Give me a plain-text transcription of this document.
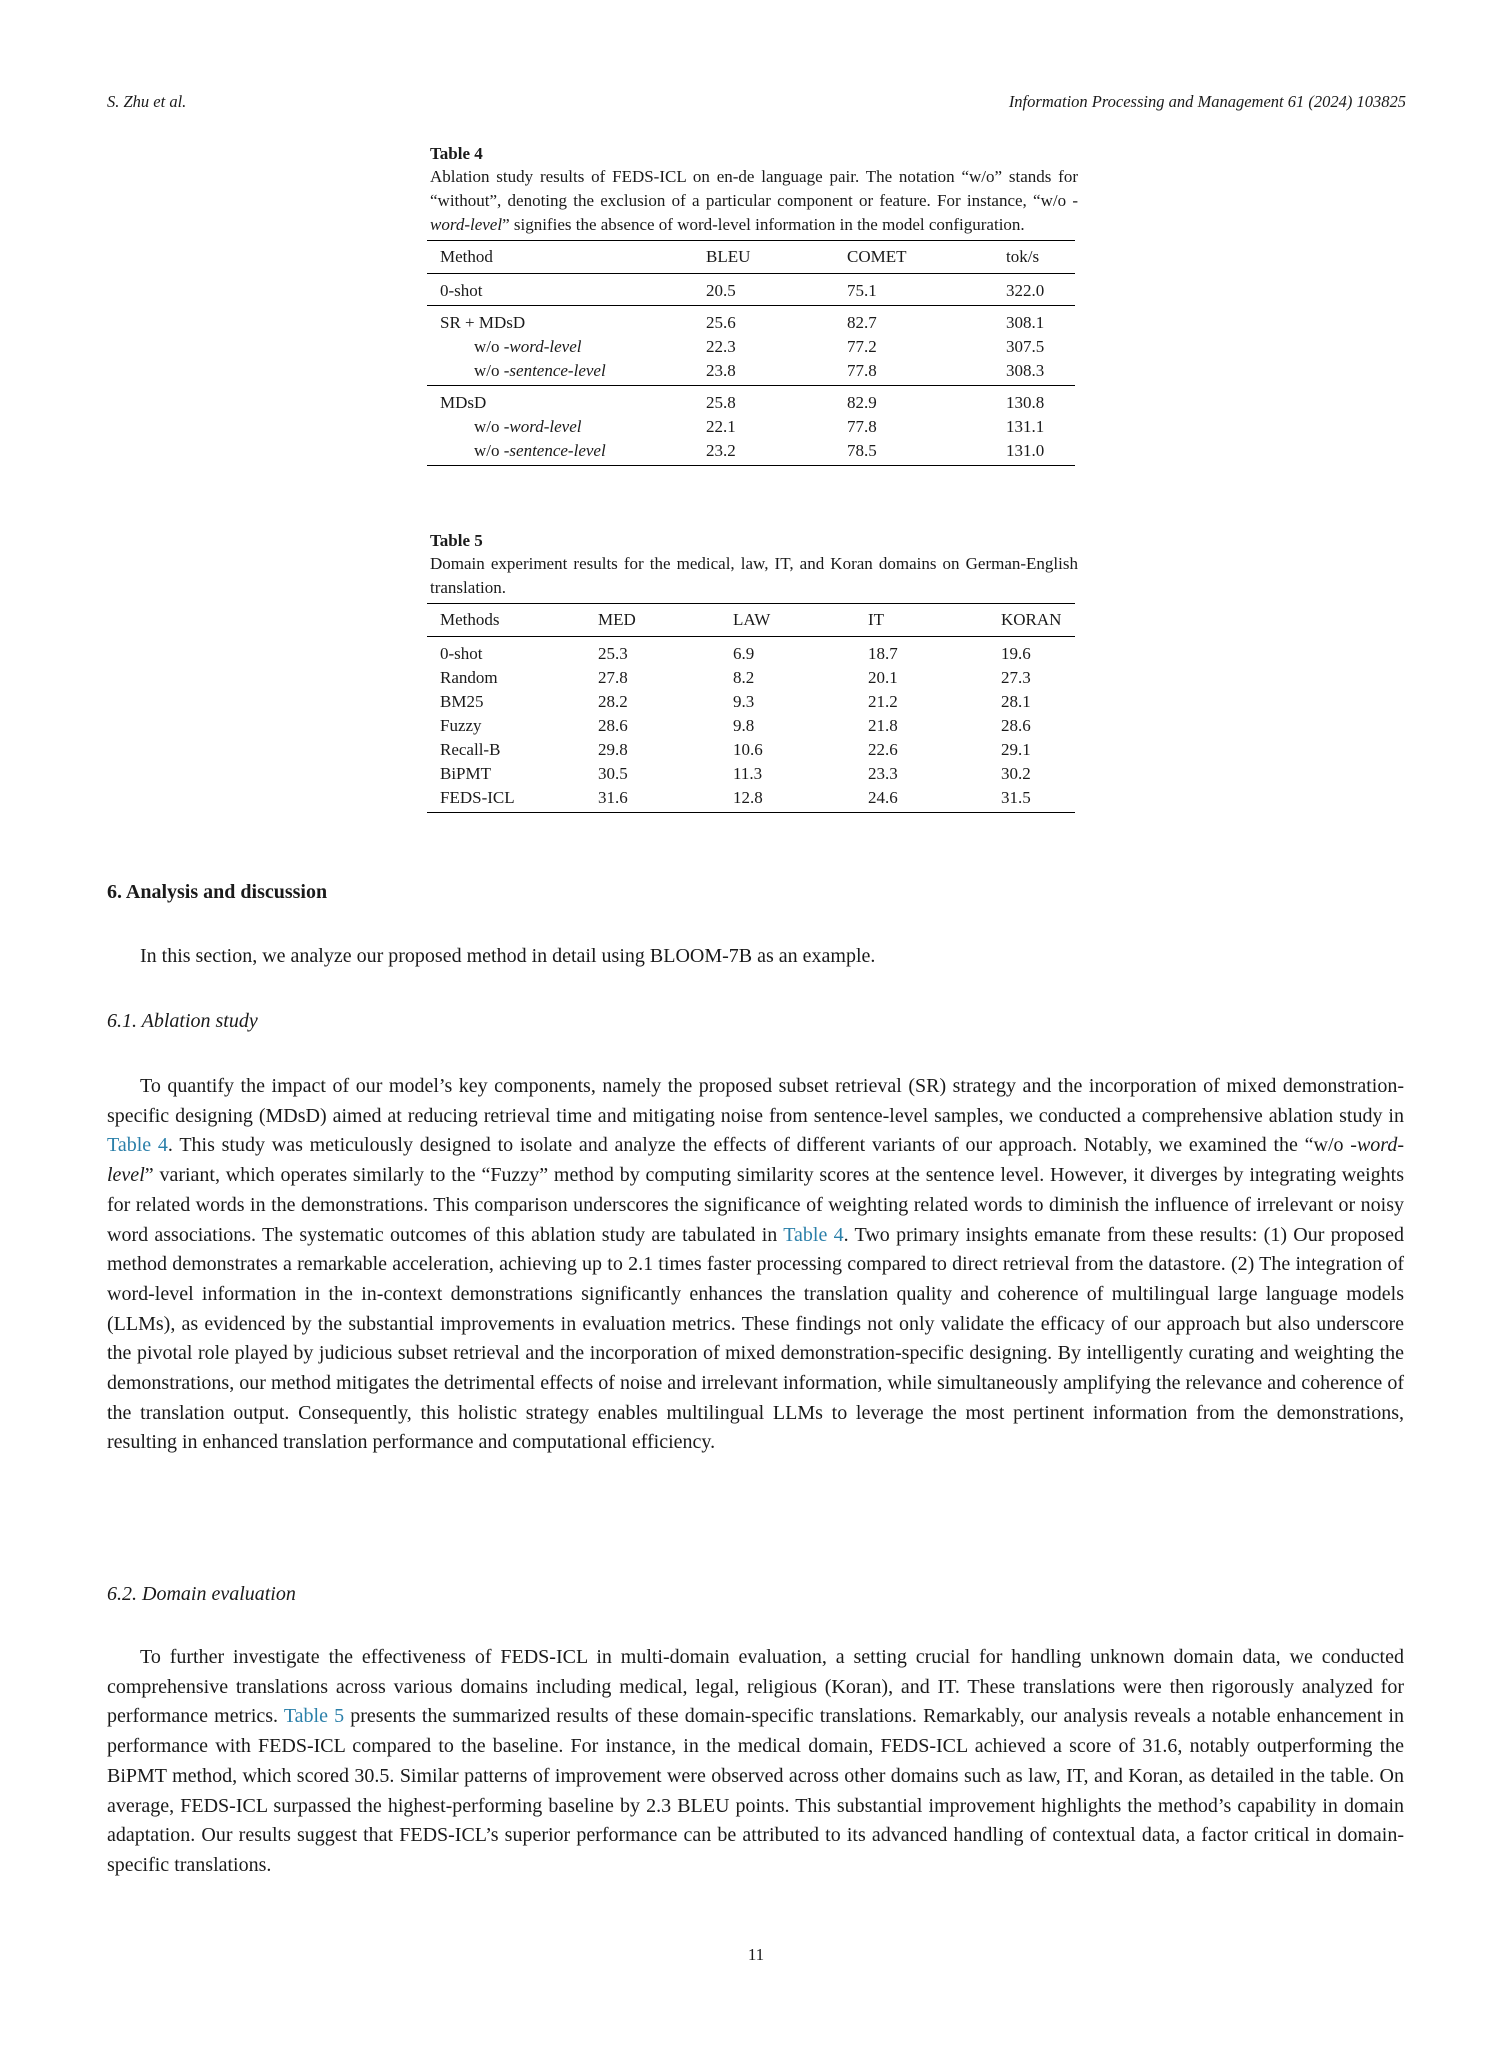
S. Zhu et al.	Information Processing and Management 61 (2024) 103825
Table 4
Ablation study results of FEDS-ICL on en-de language pair. The notation “w/o” stands for “without”, denoting the exclusion of a particular component or feature. For instance, “w/o -word-level” signifies the absence of word-level information in the model configuration.
Method	BLEU	COMET	tok/s
0-shot	20.5	75.1	322.0
SR + MDsD	25.6	82.7	308.1
w/o -word-level	22.3	77.2	307.5
w/o -sentence-level	23.8	77.8	308.3
MDsD	25.8	82.9	130.8
w/o -word-level	22.1	77.8	131.1
w/o -sentence-level	23.2	78.5	131.0
Table 5
Domain experiment results for the medical, law, IT, and Koran domains on German-English translation.
Methods	MED	LAW	IT	KORAN
0-shot	25.3	6.9	18.7	19.6
Random	27.8	8.2	20.1	27.3
BM25	28.2	9.3	21.2	28.1
Fuzzy	28.6	9.8	21.8	28.6
Recall-B	29.8	10.6	22.6	29.1
BiPMT	30.5	11.3	23.3	30.2
FEDS-ICL	31.6	12.8	24.6	31.5
6. Analysis and discussion
In this section, we analyze our proposed method in detail using BLOOM-7B as an example.
6.1. Ablation study
To quantify the impact of our model’s key components, namely the proposed subset retrieval (SR) strategy and the incorporation of mixed demonstration-specific designing (MDsD) aimed at reducing retrieval time and mitigating noise from sentence-level samples, we conducted a comprehensive ablation study in Table 4. This study was meticulously designed to isolate and analyze the effects of different variants of our approach. Notably, we examined the “w/o -word-level” variant, which operates similarly to the “Fuzzy” method by computing similarity scores at the sentence level. However, it diverges by integrating weights for related words in the demonstrations. This comparison underscores the significance of weighting related words to diminish the influence of irrelevant or noisy word associations. The systematic outcomes of this ablation study are tabulated in Table 4. Two primary insights emanate from these results: (1) Our proposed method demonstrates a remarkable acceleration, achieving up to 2.1 times faster processing compared to direct retrieval from the datastore. (2) The integration of word-level information in the in-context demonstrations significantly enhances the translation quality and coherence of multilingual large language models (LLMs), as evidenced by the substantial improvements in evaluation metrics. These findings not only validate the efficacy of our approach but also underscore the pivotal role played by judicious subset retrieval and the incorporation of mixed demonstration-specific designing. By intelligently curating and weighting the demonstrations, our method mitigates the detrimental effects of noise and irrelevant information, while simultaneously amplifying the relevance and coherence of the translation output. Consequently, this holistic strategy enables multilingual LLMs to leverage the most pertinent information from the demonstrations, resulting in enhanced translation performance and computational efficiency.
6.2. Domain evaluation
To further investigate the effectiveness of FEDS-ICL in multi-domain evaluation, a setting crucial for handling unknown domain data, we conducted comprehensive translations across various domains including medical, legal, religious (Koran), and IT. These translations were then rigorously analyzed for performance metrics. Table 5 presents the summarized results of these domain-specific translations. Remarkably, our analysis reveals a notable enhancement in performance with FEDS-ICL compared to the baseline. For instance, in the medical domain, FEDS-ICL achieved a score of 31.6, notably outperforming the BiPMT method, which scored 30.5. Similar patterns of improvement were observed across other domains such as law, IT, and Koran, as detailed in the table. On average, FEDS-ICL surpassed the highest-performing baseline by 2.3 BLEU points. This substantial improvement highlights the method’s capability in domain adaptation. Our results suggest that FEDS-ICL’s superior performance can be attributed to its advanced handling of contextual data, a factor critical in domain-specific translations.
11
